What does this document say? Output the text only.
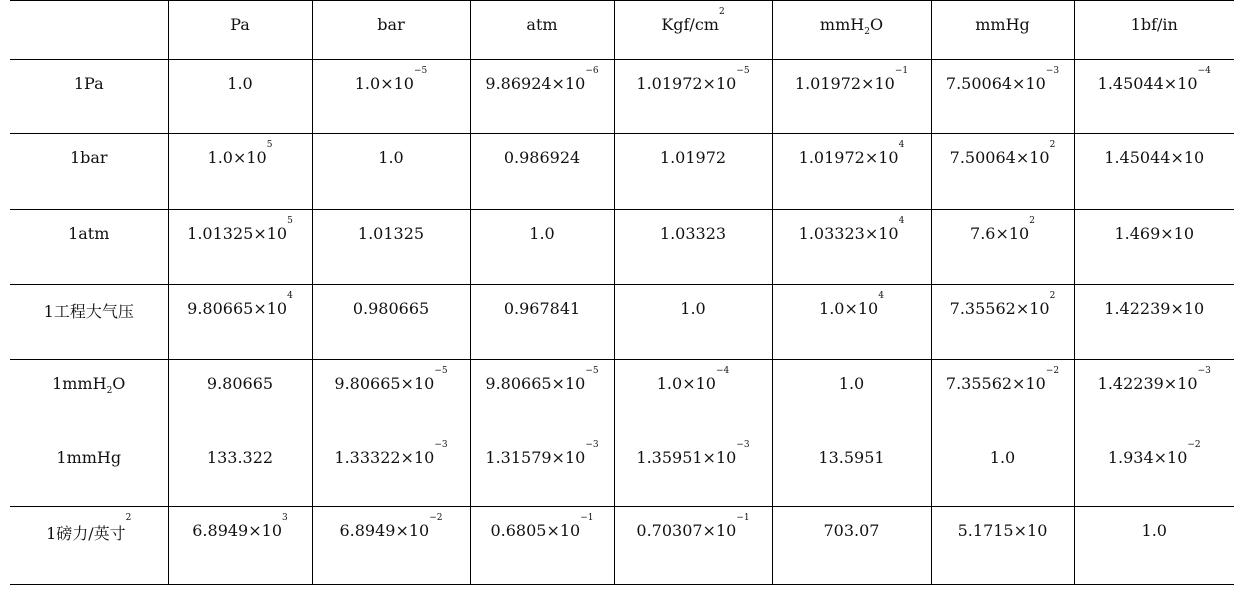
	Pa	bar	atm	Kgf/$cm^2$	mmH$_2$O	mmHg	1bf/in
1Pa	1.0	$1.0\times 10^{-5}$	$9.86924\times 10^{-6}$	$1.01972\times 10^{-5}$	$1.01972\times 10^{-1}$	$7.50064\times 10^{-3}$	$1.45044\times 10^{-4}$
1bar	$1.0\times 10^5$	1.0	0.986924	1.01972	$1.01972\times 10^4$	$7.50064\times 10^2$	1.45044×10
1atm	$1.01325\times 10^5$	1.01325	1.0	1.03323	$1.03323\times 10^4$	$7.6\times 10^2$	1.469×10
1工程大气压	$9.80665\times 10^4$	0.980665	0.967841	1.0	$1.0\times 10^4$	$7.35562\times 10^2$	1.42239×10
1mmH$_2$O	9.80665	$9.80665\times 10^{-5}$	$9.80665\times 10^{-5}$	$1.0\times 10^{-4}$	1.0	$7.35562\times 10^{-2}$	$1.42239\times 10^{-3}$
1mmHg	133.322	$1.33322\times 10^{-3}$	$1.31579\times 10^{-3}$	$1.35951\times 10^{-3}$	13.5951	1.0	$1.934\times 10^{-2}$
1磅力/英寸$^2$	$6.8949\times 10^3$	$6.8949\times 10^{-2}$	$0.6805\times 10^{-1}$	$0.70307\times 10^{-1}$	703.07	5.1715×10	1.0
